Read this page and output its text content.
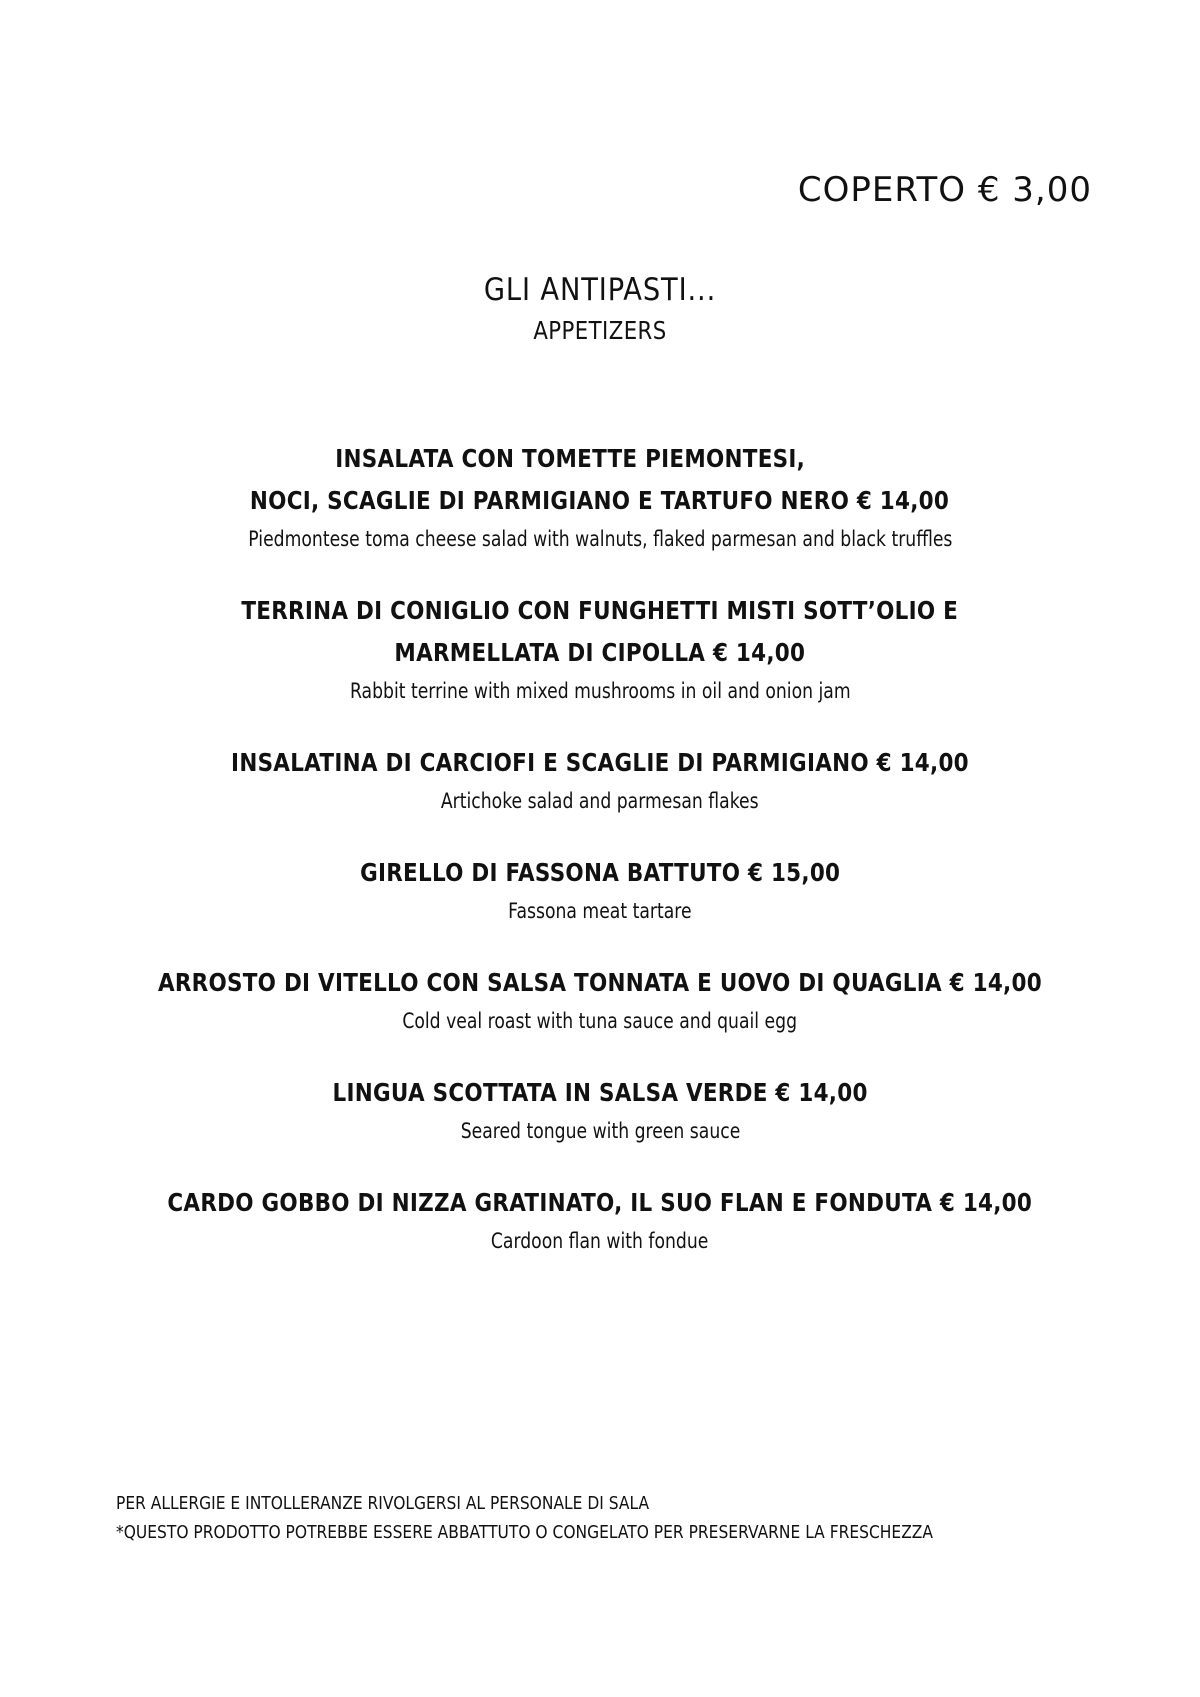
COPERTO € 3,00
GLI ANTIPASTI...
APPETIZERS
INSALATA CON TOMETTE PIEMONTESI,
NOCI, SCAGLIE DI PARMIGIANO E TARTUFO NERO € 14,00
Piedmontese toma cheese salad with walnuts, flaked parmesan and black truffles
TERRINA DI CONIGLIO CON FUNGHETTI MISTI SOTT’OLIO E
MARMELLATA DI CIPOLLA € 14,00
Rabbit terrine with mixed mushrooms in oil and onion jam
INSALATINA DI CARCIOFI E SCAGLIE DI PARMIGIANO € 14,00
Artichoke salad and parmesan flakes
GIRELLO DI FASSONA BATTUTO € 15,00
Fassona meat tartare
ARROSTO DI VITELLO CON SALSA TONNATA E UOVO DI QUAGLIA € 14,00
Cold veal roast with tuna sauce and quail egg
LINGUA SCOTTATA IN SALSA VERDE € 14,00
Seared tongue with green sauce
CARDO GOBBO DI NIZZA GRATINATO, IL SUO FLAN E FONDUTA € 14,00
Cardoon flan with fondue
PER ALLERGIE E INTOLLERANZE RIVOLGERSI AL PERSONALE DI SALA
*QUESTO PRODOTTO POTREBBE ESSERE ABBATTUTO O CONGELATO PER PRESERVARNE LA FRESCHEZZA
